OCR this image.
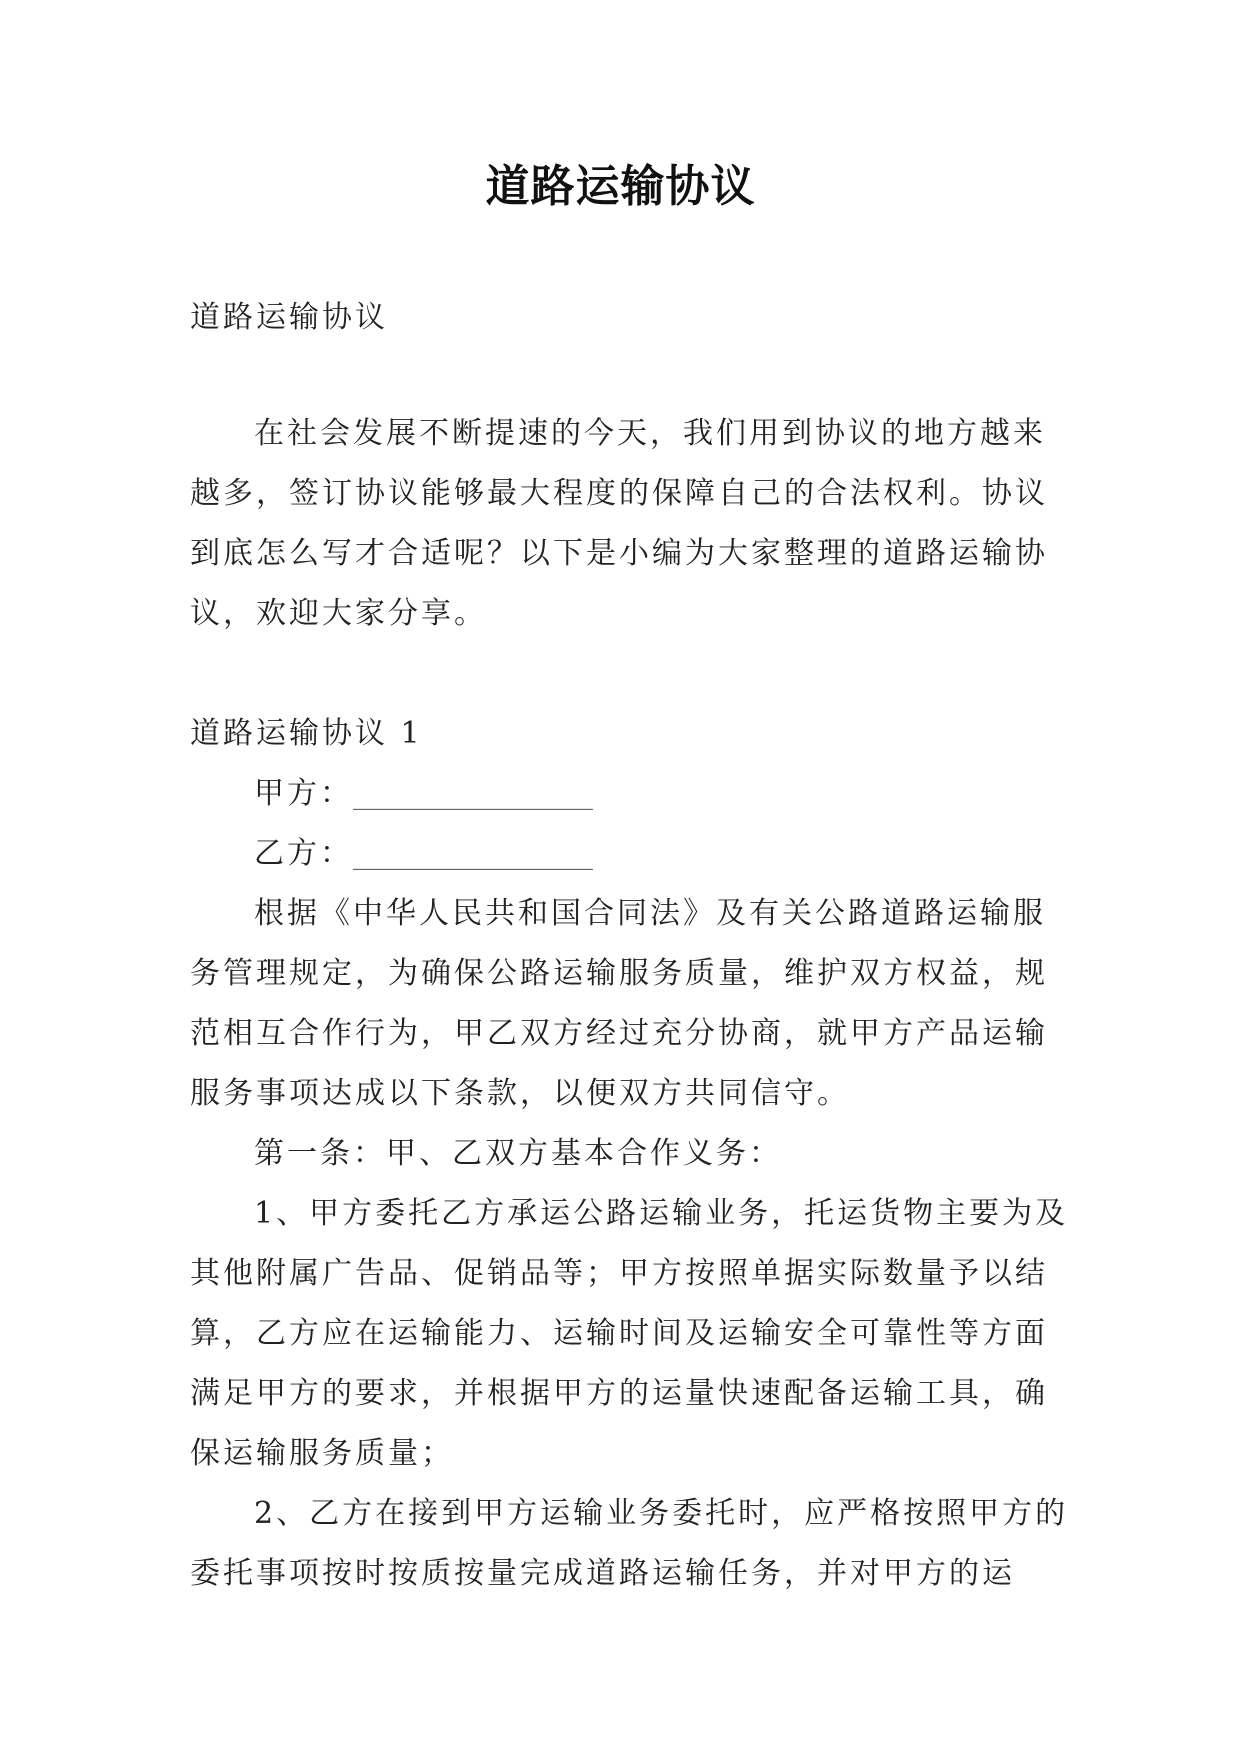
道路运输协议

道路运输协议

在社会发展不断提速的今天，我们用到协议的地方越来越多，签订协议能够最大程度的保障自己的合法权利。协议到底怎么写才合适呢？以下是小编为大家整理的道路运输协议，欢迎大家分享。

道路运输协议 1

甲方：________________

乙方：________________

根据《中华人民共和国合同法》及有关公路道路运输服务管理规定，为确保公路运输服务质量，维护双方权益，规范相互合作行为，甲乙双方经过充分协商，就甲方产品运输服务事项达成以下条款，以便双方共同信守。

第一条：甲、乙双方基本合作义务：

1、甲方委托乙方承运公路运输业务，托运货物主要为及其他附属广告品、促销品等；甲方按照单据实际数量予以结算，乙方应在运输能力、运输时间及运输安全可靠性等方面满足甲方的要求，并根据甲方的运量快速配备运输工具，确保运输服务质量；

2、乙方在接到甲方运输业务委托时，应严格按照甲方的委托事项按时按质按量完成道路运输任务，并对甲方的运
